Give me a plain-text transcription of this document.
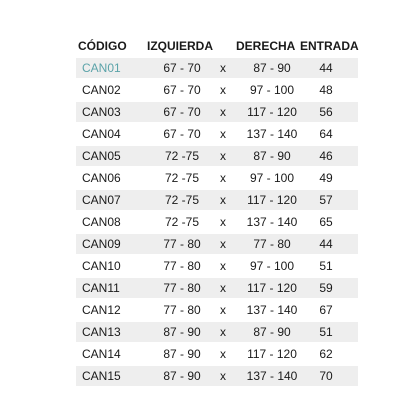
CÓDIGO IZQUIERDA DERECHA ENTRADA
CAN01	67 - 70	x	87 - 90	44
CAN02	67 - 70	x	97 - 100	48
CAN03	67 - 70	x	117 - 120	56
CAN04	67 - 70	x	137 - 140	64
CAN05	72 -75	x	87 - 90	46
CAN06	72 -75	x	97 - 100	49
CAN07	72 -75	x	117 - 120	57
CAN08	72 -75	x	137 - 140	65
CAN09	77 - 80	x	77 - 80	44
CAN10	77 - 80	x	97 - 100	51
CAN11	77 - 80	x	117 - 120	59
CAN12	77 - 80	x	137 - 140	67
CAN13	87 - 90	x	87 - 90	51
CAN14	87 - 90	x	117 - 120	62
CAN15	87 - 90	x	137 - 140	70
